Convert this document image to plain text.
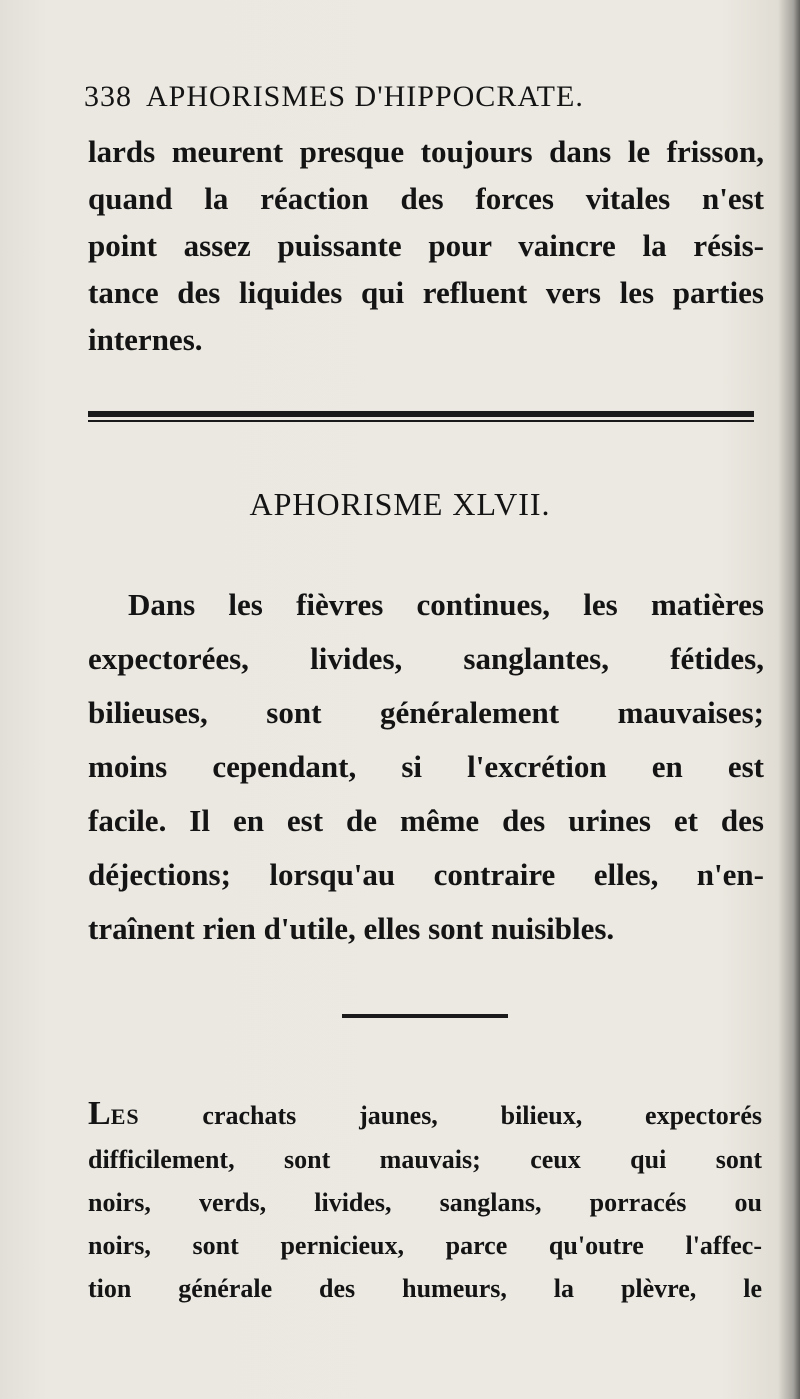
338 APHORISMES D'HIPPOCRATE.
lards meurent presque toujours dans le frisson,
quand la réaction des forces vitales n'est
point assez puissante pour vaincre la résis-
tance des liquides qui refluent vers les parties
internes.
APHORISME XLVII.
Dans les fièvres continues, les matières
expectorées, livides, sanglantes, fétides,
bilieuses, sont généralement mauvaises;
moins cependant, si l'excrétion en est
facile. Il en est de même des urines et des
déjections; lorsqu'au contraire elles, n'en-
traînent rien d'utile, elles sont nuisibles.
LES crachats jaunes, bilieux, expectorés
difficilement, sont mauvais; ceux qui sont
noirs, verds, livides, sanglans, porracés ou
noirs, sont pernicieux, parce qu'outre l'affec-
tion générale des humeurs, la plèvre, le
